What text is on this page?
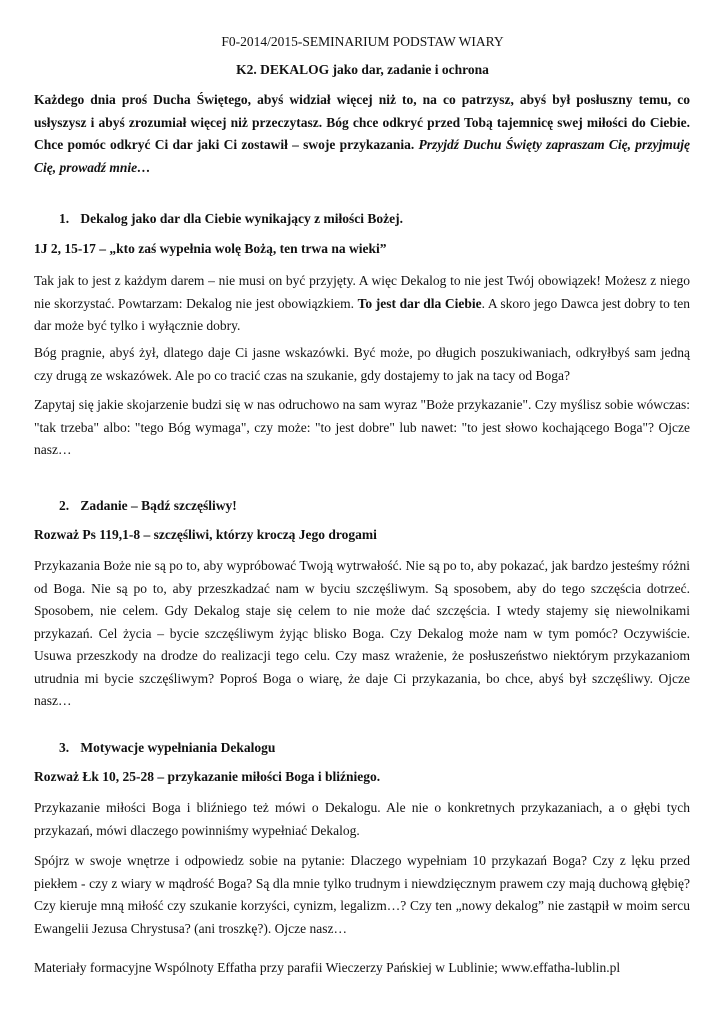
F0-2014/2015-SEMINARIUM PODSTAW WIARY
K2. DEKALOG jako dar, zadanie i ochrona
Każdego dnia proś Ducha Świętego, abyś widział więcej niż to, na co patrzysz, abyś był posłuszny temu, co usłyszysz i abyś zrozumiał więcej niż przeczytasz. Bóg chce odkryć przed Tobą tajemnicę swej miłości do Ciebie. Chce pomóc odkryć Ci dar jaki Ci zostawił – swoje przykazania. Przyjdź Duchu Święty zapraszam Cię, przyjmuję Cię, prowadź mnie…
1. Dekalog jako dar dla Ciebie wynikający z miłości Bożej.
1J 2, 15-17 – „kto zaś wypełnia wolę Bożą, ten trwa na wieki”
Tak jak to jest z każdym darem – nie musi on być przyjęty. A więc Dekalog to nie jest Twój obowiązek! Możesz z niego nie skorzystać. Powtarzam: Dekalog nie jest obowiązkiem. To jest dar dla Ciebie. A skoro jego Dawca jest dobry to ten dar może być tylko i wyłącznie dobry.
Bóg pragnie, abyś żył, dlatego daje Ci jasne wskazówki. Być może, po długich poszukiwaniach, odkryłbyś sam jedną czy drugą ze wskazówek. Ale po co tracić czas na szukanie, gdy dostajemy to jak na tacy od Boga?
Zapytaj się jakie skojarzenie budzi się w nas odruchowo na sam wyraz "Boże przykazanie". Czy myślisz sobie wówczas: "tak trzeba" albo: "tego Bóg wymaga", czy może: "to jest dobre" lub nawet: "to jest słowo kochającego Boga"? Ojcze nasz…
2. Zadanie – Bądź szczęśliwy!
Rozważ Ps 119,1-8 – szczęśliwi, którzy kroczą Jego drogami
Przykazania Boże nie są po to, aby wypróbować Twoją wytrwałość. Nie są po to, aby pokazać, jak bardzo jesteśmy różni od Boga. Nie są po to, aby przeszkadzać nam w byciu szczęśliwym. Są sposobem, aby do tego szczęścia dotrzeć. Sposobem, nie celem. Gdy Dekalog staje się celem to nie może dać szczęścia. I wtedy stajemy się niewolnikami przykazań. Cel życia – bycie szczęśliwym żyjąc blisko Boga. Czy Dekalog może nam w tym pomóc? Oczywiście. Usuwa przeszkody na drodze do realizacji tego celu. Czy masz wrażenie, że posłuszeństwo niektórym przykazaniom utrudnia mi bycie szczęśliwym? Poproś Boga o wiarę, że daje Ci przykazania, bo chce, abyś był szczęśliwy. Ojcze nasz…
3. Motywacje wypełniania Dekalogu
Rozważ Łk 10, 25-28 – przykazanie miłości Boga i bliźniego.
Przykazanie miłości Boga i bliźniego też mówi o Dekalogu. Ale nie o konkretnych przykazaniach, a o głębi tych przykazań, mówi dlaczego powinniśmy wypełniać Dekalog.
Spójrz w swoje wnętrze i odpowiedz sobie na pytanie: Dlaczego wypełniam 10 przykazań Boga? Czy z lęku przed piekłem - czy z wiary w mądrość Boga? Są dla mnie tylko trudnym i niewdzięcznym prawem czy mają duchową głębię? Czy kieruje mną miłość czy szukanie korzyści, cynizm, legalizm…? Czy ten „nowy dekalog” nie zastąpił w moim sercu Ewangelii Jezusa Chrystusa? (ani troszkę?). Ojcze nasz…
Materiały formacyjne Wspólnoty Effatha przy parafii Wieczerzy Pańskiej w Lublinie; www.effatha-lublin.pl
